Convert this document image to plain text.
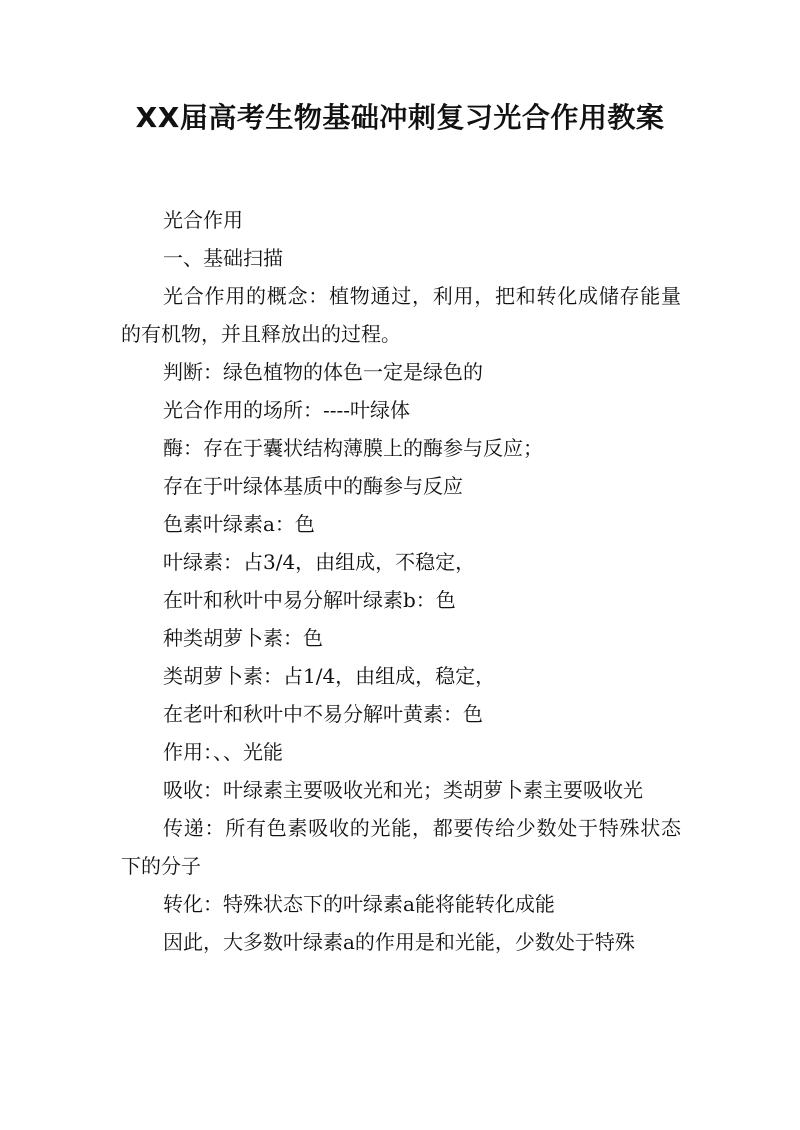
XX届高考生物基础冲刺复习光合作用教案

光合作用

一、基础扫描

光合作用的概念：植物通过，利用，把和转化成储存能量的有机物，并且释放出的过程。

判断：绿色植物的体色一定是绿色的

光合作用的场所：----叶绿体

酶：存在于囊状结构薄膜上的酶参与反应；

存在于叶绿体基质中的酶参与反应

色素叶绿素a：色

叶绿素：占3/4，由组成，不稳定，

在叶和秋叶中易分解叶绿素b：色

种类胡萝卜素：色

类胡萝卜素：占1/4，由组成，稳定，

在老叶和秋叶中不易分解叶黄素：色

作用：、、光能

吸收：叶绿素主要吸收光和光；类胡萝卜素主要吸收光

传递：所有色素吸收的光能，都要传给少数处于特殊状态下的分子

转化：特殊状态下的叶绿素a能将能转化成能

因此，大多数叶绿素a的作用是和光能，少数处于特殊
